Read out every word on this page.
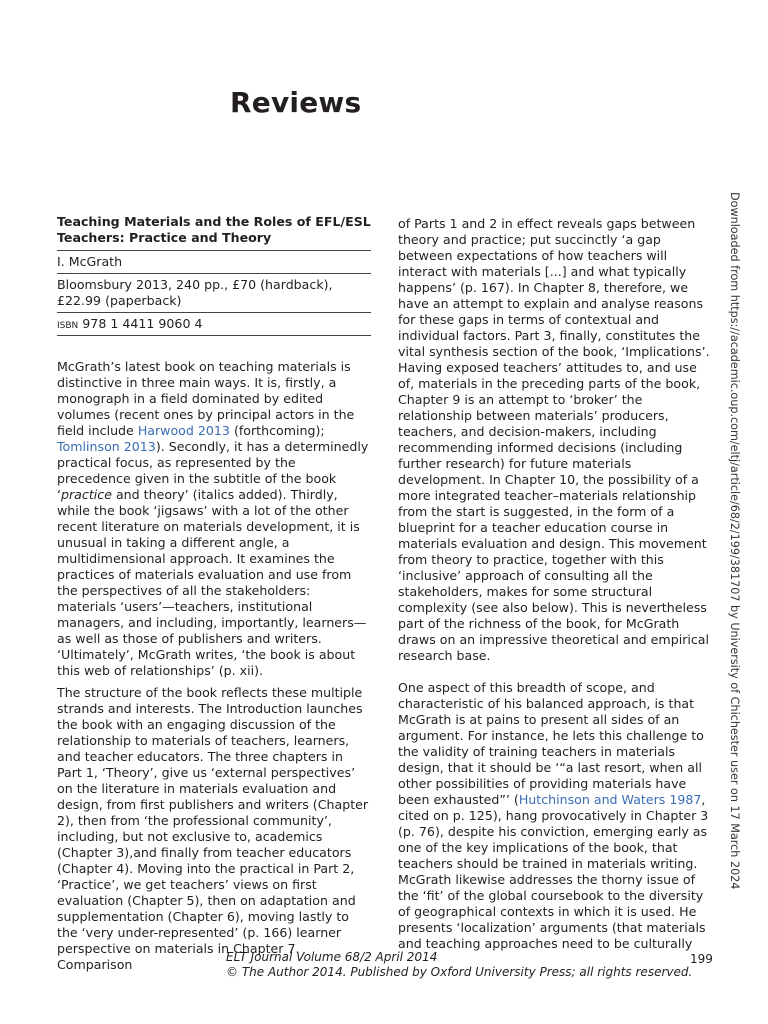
Reviews
Downloaded from https://academic.oup.com/eltj/article/68/2/199/381707 by University of Chichester user on 17 March 2024
Teaching Materials and the Roles of EFL/ESL Teachers: Practice and Theory
I. McGrath
Bloomsbury 2013, 240 pp., £70 (hardback), £22.99 (paperback)
isbn 978 1 4411 9060 4

McGrath’s latest book on teaching materials is distinctive in three main ways. It is, firstly, a monograph in a field dominated by edited volumes (recent ones by principal actors in the field include Harwood 2013 (forthcoming); Tomlinson 2013). Secondly, it has a determinedly practical focus, as represented by the precedence given in the subtitle of the book ‘practice and theory’ (italics added). Thirdly, while the book ‘jigsaws’ with a lot of the other recent literature on materials development, it is unusual in taking a different angle, a multidimensional approach. It examines the practices of materials evaluation and use from the perspectives of all the stakeholders: materials ‘users’—teachers, institutional managers, and including, importantly, learners—as well as those of publishers and writers. ‘Ultimately’, McGrath writes, ‘the book is about this web of relationships’ (p. xii).

The structure of the book reflects these multiple strands and interests. The Introduction launches the book with an engaging discussion of the relationship to materials of teachers, learners, and teacher educators. The three chapters in Part 1, ‘Theory’, give us ‘external perspectives’ on the literature in materials evaluation and design, from first publishers and writers (Chapter 2), then from ‘the professional community’, including, but not exclusive to, academics (Chapter 3),and finally from teacher educators (Chapter 4). Moving into the practical in Part 2, ‘Practice’, we get teachers’ views on first evaluation (Chapter 5), then on adaptation and supplementation (Chapter 6), moving lastly to the ‘very under-represented’ (p. 166) learner perspective on materials in Chapter 7. Comparison

of Parts 1 and 2 in effect reveals gaps between theory and practice; put succinctly ‘a gap between expectations of how teachers will interact with materials [...] and what typically happens’ (p. 167). In Chapter 8, therefore, we have an attempt to explain and analyse reasons for these gaps in terms of contextual and individual factors. Part 3, finally, constitutes the vital synthesis section of the book, ‘Implications’. Having exposed teachers’ attitudes to, and use of, materials in the preceding parts of the book, Chapter 9 is an attempt to ‘broker’ the relationship between materials’ producers, teachers, and decision-makers, including recommending informed decisions (including further research) for future materials development. In Chapter 10, the possibility of a more integrated teacher–materials relationship from the start is suggested, in the form of a blueprint for a teacher education course in materials evaluation and design. This movement from theory to practice, together with this ‘inclusive’ approach of consulting all the stakeholders, makes for some structural complexity (see also below). This is nevertheless part of the richness of the book, for McGrath draws on an impressive theoretical and empirical research base.

One aspect of this breadth of scope, and characteristic of his balanced approach, is that McGrath is at pains to present all sides of an argument. For instance, he lets this challenge to the validity of training teachers in materials design, that it should be ‘“a last resort, when all other possibilities of providing materials have been exhausted”’ (Hutchinson and Waters 1987, cited on p. 125), hang provocatively in Chapter 3 (p. 76), despite his conviction, emerging early as one of the key implications of the book, that teachers should be trained in materials writing. McGrath likewise addresses the thorny issue of the ‘fit’ of the global coursebook to the diversity of geographical contexts in which it is used. He presents ‘localization’ arguments (that materials and teaching approaches need to be culturally

ELT Journal Volume 68/2 April 2014
© The Author 2014. Published by Oxford University Press; all rights reserved.
199
